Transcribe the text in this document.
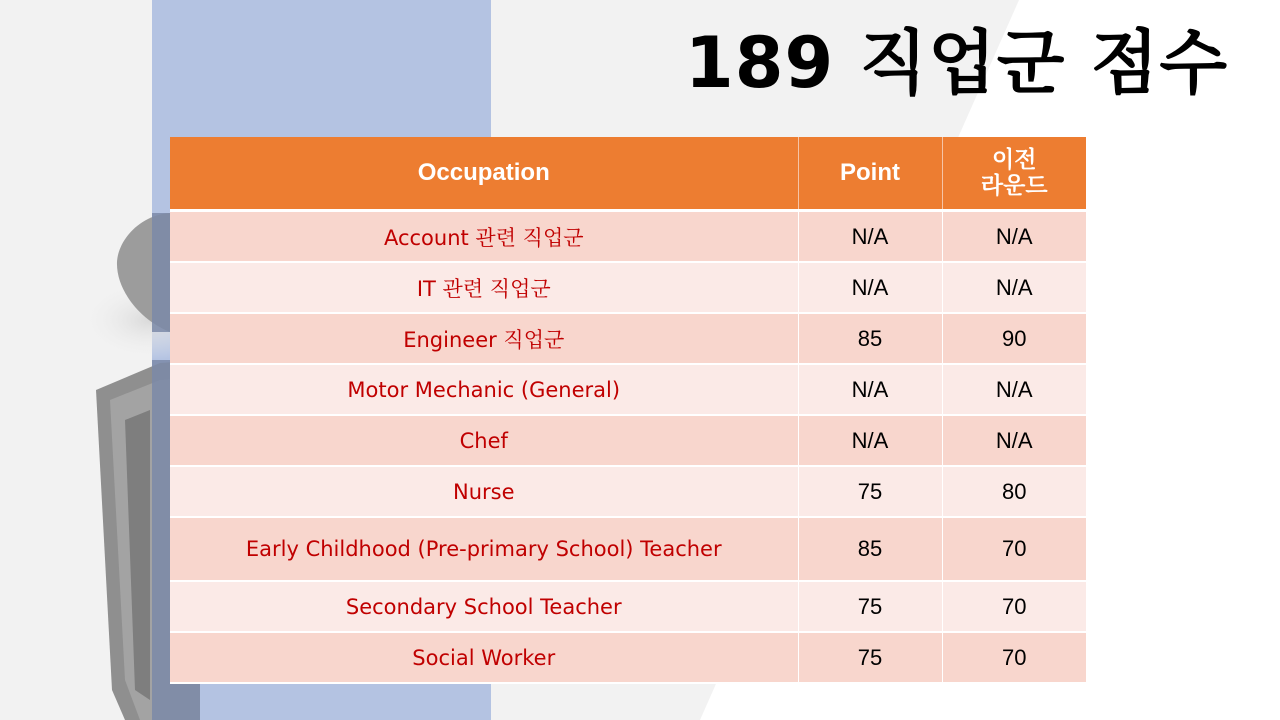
189 직업군 점수
Occupation	Point	이전
라운드
Account 관련 직업군	N/A	N/A
IT 관련 직업군	N/A	N/A
Engineer 직업군	85	90
Motor Mechanic (General)	N/A	N/A
Chef	N/A	N/A
Nurse	75	80
Early Childhood (Pre-primary School) Teacher	85	70
Secondary School Teacher	75	70
Social Worker	75	70
